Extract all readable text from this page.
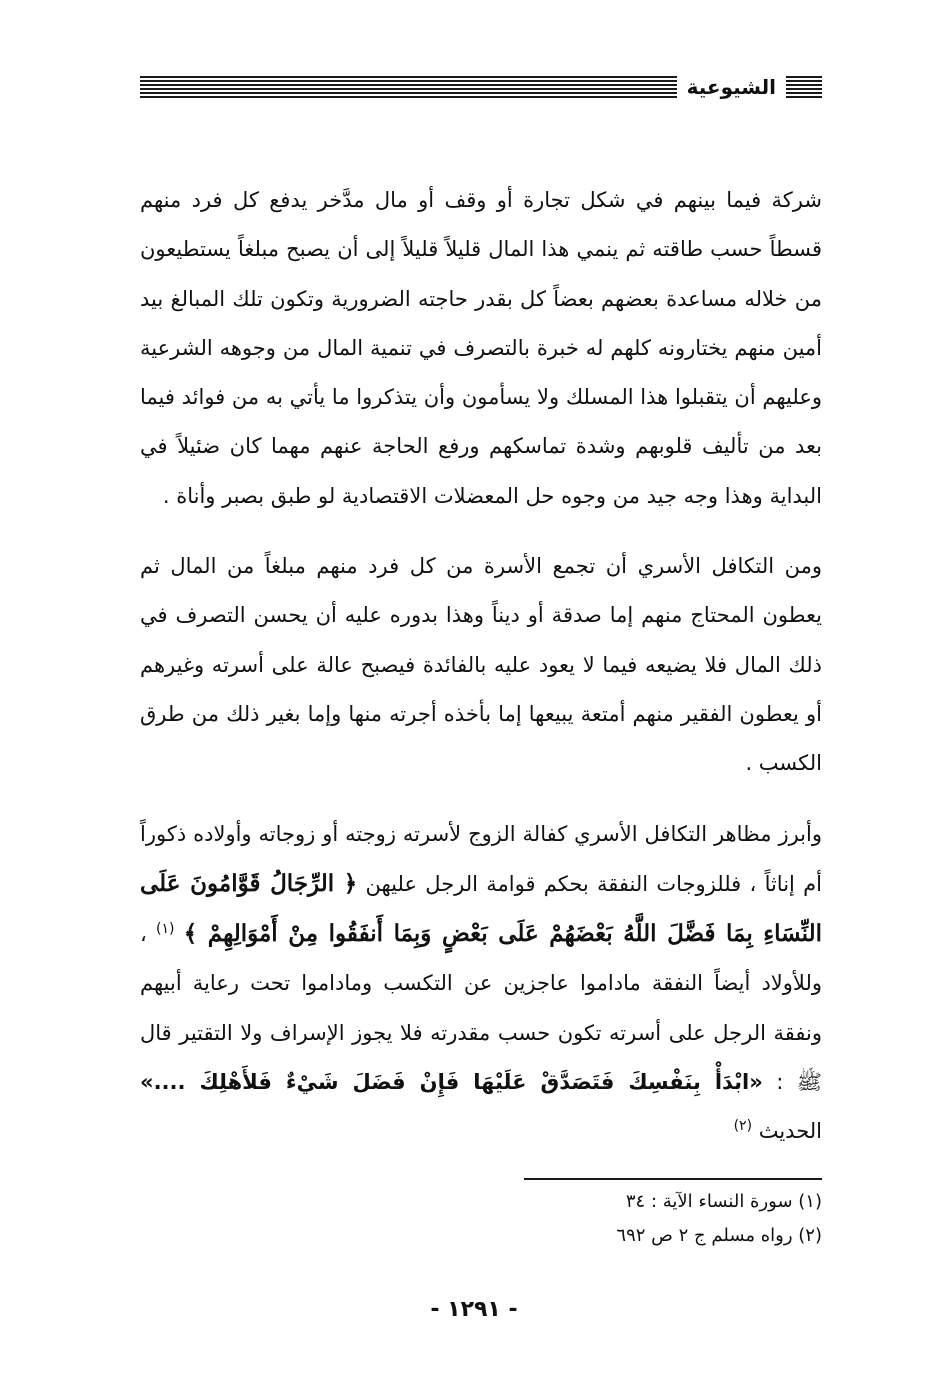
الشيوعية

شركة فيما بينهم في شكل تجارة أو وقف أو مال مدَّخر يدفع كل فرد منهم قسطاً حسب طاقته ثم ينمي هذا المال قليلاً قليلاً إلى أن يصبح مبلغاً يستطيعون من خلاله مساعدة بعضهم بعضاً كل بقدر حاجته الضرورية وتكون تلك المبالغ بيد أمين منهم يختارونه كلهم له خبرة بالتصرف في تنمية المال من وجوهه الشرعية وعليهم أن يتقبلوا هذا المسلك ولا يسأمون وأن يتذكروا ما يأتي به من فوائد فيما بعد من تأليف قلوبهم وشدة تماسكهم ورفع الحاجة عنهم مهما كان ضئيلاً في البداية وهذا وجه جيد من وجوه حل المعضلات الاقتصادية لو طبق بصبر وأناة .

ومن التكافل الأسري أن تجمع الأسرة من كل فرد منهم مبلغاً من المال ثم يعطون المحتاج منهم إما صدقة أو ديناً وهذا بدوره عليه أن يحسن التصرف في ذلك المال فلا يضيعه فيما لا يعود عليه بالفائدة فيصبح عالة على أسرته وغيرهم أو يعطون الفقير منهم أمتعة يبيعها إما بأخذه أجرته منها وإما بغير ذلك من طرق الكسب .

وأبرز مظاهر التكافل الأسري كفالة الزوج لأسرته زوجته أو زوجاته وأولاده ذكوراً أم إناثاً ، فللزوجات النفقة بحكم قوامة الرجل عليهن ﴿ الرِّجَالُ قَوَّامُونَ عَلَى النِّسَاءِ بِمَا فَضَّلَ اللَّهُ بَعْضَهُمْ عَلَى بَعْضٍ وَبِمَا أَنفَقُوا مِنْ أَمْوَالِهِمْ ﴾ $^{(١)}$ ، وللأولاد أيضاً النفقة ماداموا عاجزين عن التكسب وماداموا تحت رعاية أبيهم ونفقة الرجل على أسرته تكون حسب مقدرته فلا يجوز الإسراف ولا التقتير قال ﷺ : «ابْدَأْ بِنَفْسِكَ فَتَصَدَّقْ عَلَيْهَا فَإِنْ فَضَلَ شَيْءٌ فَلأَهْلِكَ ....» الحديث $^{(٢)}$

(١) سورة النساء الآية : ٣٤

(٢) رواه مسلم ج ٢ ص ٦٩٢

- ١٢٩١ -
